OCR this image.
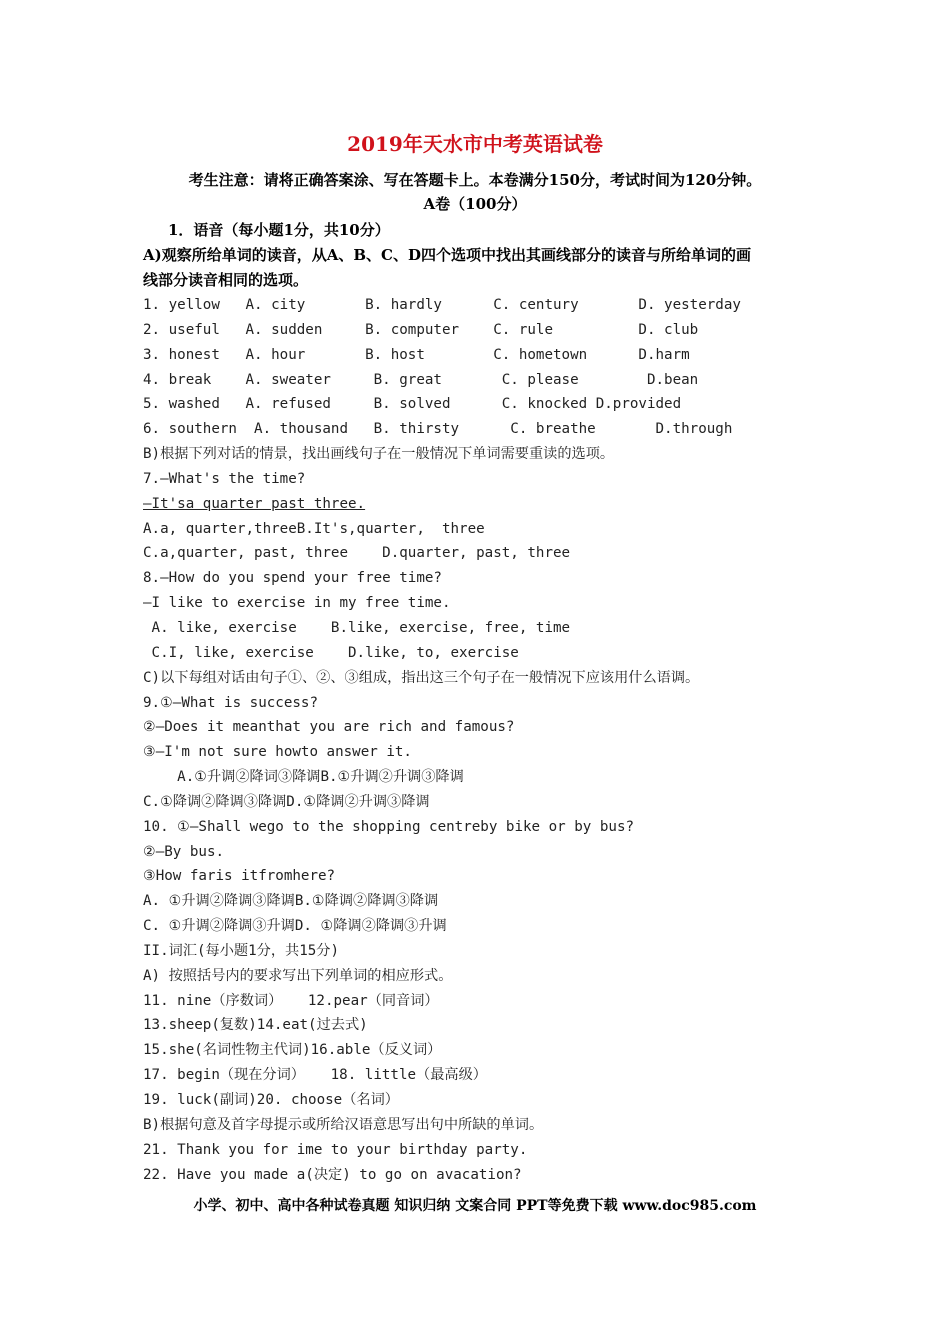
2019年天水市中考英语试卷
考生注意：请将正确答案涂、写在答题卡上。本卷满分150分，考试时间为120分钟。
A卷（100分）
1．语音（每小题1分，共10分）
A)观察所给单词的读音，从A、B、C、D四个选项中找出其画线部分的读音与所给单词的画
线部分读音相同的选项。
1. yellow   A. city       B. hardly      C. century       D. yesterday
2. useful   A. sudden     B. computer    C. rule          D. club
3. honest   A. hour       B. host        C. hometown      D.harm
4. break    A. sweater     B. great       C. please        D.bean
5. washed   A. refused     B. solved      C. knocked D.provided
6. southern  A. thousand   B. thirsty      C. breathe       D.through
B)根据下列对话的情景，找出画线句子在一般情况下单词需要重读的选项。
7.—What's the time?
—It'sa quarter past three.
A.a, quarter,threeB.It's,quarter,  three
C.a,quarter, past, three    D.quarter, past, three
8.—How do you spend your free time?
—I like to exercise in my free time.
A. like, exercise    B.like, exercise, free, time
C.I, like, exercise    D.like, to, exercise
C)以下每组对话由句子①、②、③组成，指出这三个句子在一般情况下应该用什么语调。
9.①—What is success?
②—Does it meanthat you are rich and famous?
③—I'm not sure howto answer it.
A.①升调②降词③降调B.①升调②升调③降调
C.①降调②降调③降调D.①降调②升调③降调
10. ①—Shall wego to the shopping centreby bike or by bus?
②—By bus.
③How faris itfromhere?
A. ①升调②降调③降调B.①降调②降调③降调
C. ①升调②降调③升调D. ①降调②降调③升调
II.词汇(每小题1分，共15分)
A) 按照括号内的要求写出下列单词的相应形式。
11. nine（序数词）   12.pear（同音词）
13.sheep(复数)14.eat(过去式)
15.she(名词性物主代词)16.able（反义词）
17. begin（现在分词）   18. little（最高级）
19. luck(副词)20. choose（名词）
B)根据句意及首字母提示或所给汉语意思写出句中所缺的单词。
21. Thank you for ime to your birthday party.
22. Have you made a(决定) to go on avacation?
小学、初中、高中各种试卷真题 知识归纳 文案合同 PPT等免费下载 www.doc985.com
